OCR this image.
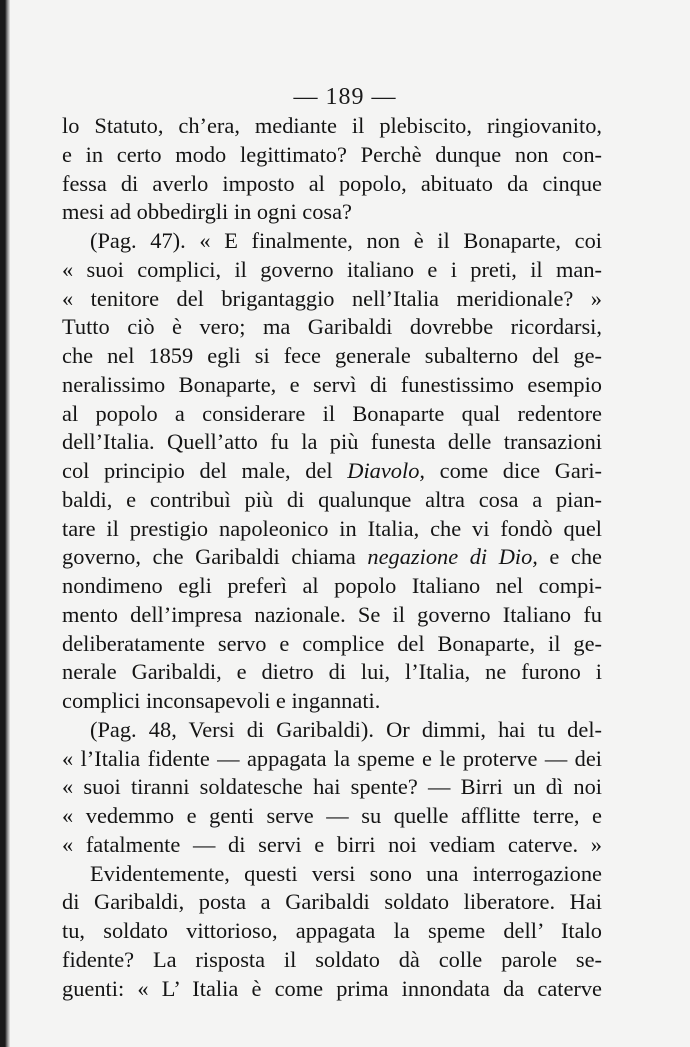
— 189 —
lo Statuto, ch’era, mediante il plebiscito, ringiovanito,
e in certo modo legittimato? Perchè dunque non con-
fessa di averlo imposto al popolo, abituato da cinque
mesi ad obbedirgli in ogni cosa?
(Pag. 47). « E finalmente, non è il Bonaparte, coi
« suoi complici, il governo italiano e i preti, il man-
« tenitore del brigantaggio nell’Italia meridionale? »
Tutto ciò è vero; ma Garibaldi dovrebbe ricordarsi,
che nel 1859 egli si fece generale subalterno del ge-
neralissimo Bonaparte, e servì di funestissimo esempio
al popolo a considerare il Bonaparte qual redentore
dell’Italia. Quell’atto fu la più funesta delle transazioni
col principio del male, del Diavolo, come dice Gari-
baldi, e contribuì più di qualunque altra cosa a pian-
tare il prestigio napoleonico in Italia, che vi fondò quel
governo, che Garibaldi chiama negazione di Dio, e che
nondimeno egli preferì al popolo Italiano nel compi-
mento dell’impresa nazionale. Se il governo Italiano fu
deliberatamente servo e complice del Bonaparte, il ge-
nerale Garibaldi, e dietro di lui, l’Italia, ne furono i
complici inconsapevoli e ingannati.
(Pag. 48, Versi di Garibaldi). Or dimmi, hai tu del-
« l’Italia fidente — appagata la speme e le proterve — dei
« suoi tiranni soldatesche hai spente? — Birri un dì noi
« vedemmo e genti serve — su quelle afflitte terre, e
« fatalmente — di servi e birri noi vediam caterve. »
Evidentemente, questi versi sono una interrogazione
di Garibaldi, posta a Garibaldi soldato liberatore. Hai
tu, soldato vittorioso, appagata la speme dell’ Italo
fidente? La risposta il soldato dà colle parole se-
guenti: « L’ Italia è come prima innondata da caterve
